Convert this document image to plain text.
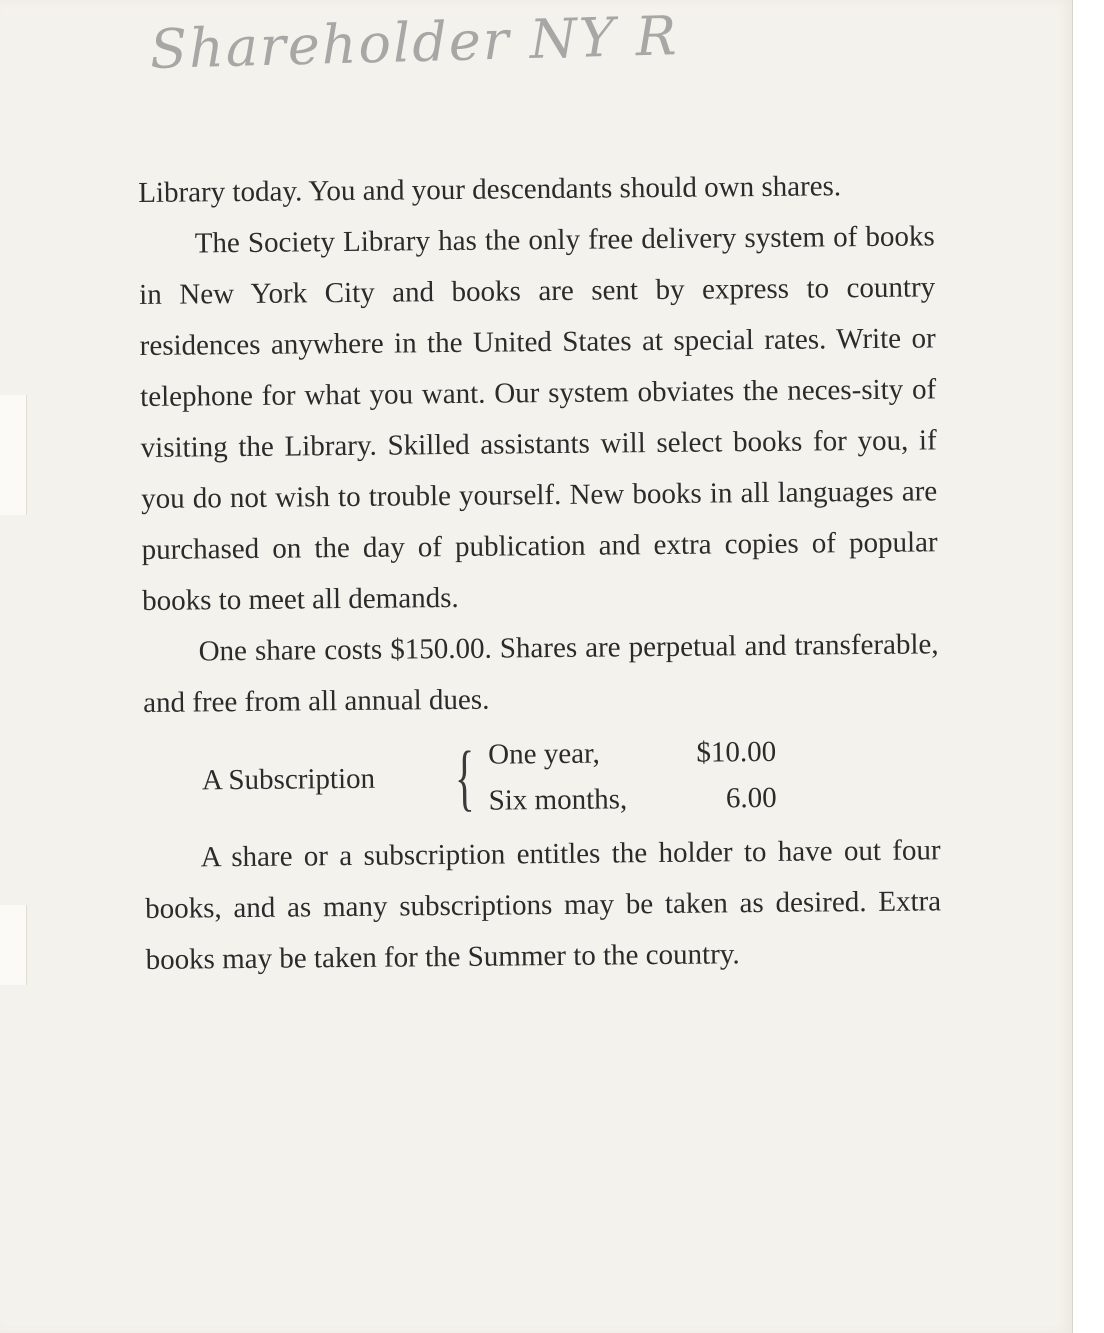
Shareholder NY R

Library today. You and your descendants should own shares.

The Society Library has the only free delivery system of books in New York City and books are sent by express to country residences anywhere in the United States at special rates. Write or telephone for what you want. Our system obviates the neces-sity of visiting the Library. Skilled assistants will select books for you, if you do not wish to trouble yourself. New books in all languages are purchased on the day of publication and extra copies of popular books to meet all demands.

One share costs $150.00. Shares are perpetual and transferable, and free from all annual dues.

A Subscription	{ One year,	$10.00
Six months,	6.00

A share or a subscription entitles the holder to have out four books, and as many subscriptions may be taken as desired. Extra books may be taken for the Summer to the country.
